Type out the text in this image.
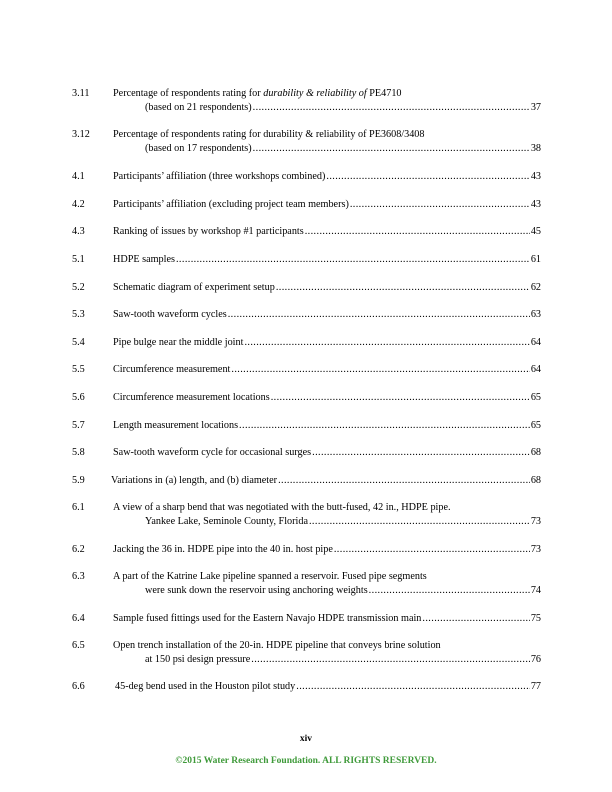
3.11 Percentage of respondents rating for durability & reliability of PE4710
(based on 21 respondents) .....	37
3.12 Percentage of respondents rating for durability & reliability of PE3608/3408
(based on 17 respondents) .....	38
4.1	Participants’ affiliation (three workshops combined) .....	43
4.2	Participants’ affiliation (excluding project team members) .....	43
4.3	Ranking of issues by workshop #1 participants .....	45
5.1	HDPE samples .....	61
5.2	Schematic diagram of experiment setup .....	62
5.3	Saw-tooth waveform cycles .....	63
5.4	Pipe bulge near the middle joint .....	64
5.5	Circumference measurement .....	64
5.6	Circumference measurement locations .....	65
5.7	Length measurement locations .....	65
5.8	Saw-tooth waveform cycle for occasional surges .....	68
5.9	Variations in (a) length, and (b) diameter .....	68
6.1	A view of a sharp bend that was negotiated with the butt-fused, 42 in., HDPE pipe.
Yankee Lake, Seminole County, Florida .....	73
6.2	Jacking the 36 in. HDPE pipe into the 40 in. host pipe .....	73
6.3	A part of the Katrine Lake pipeline spanned a reservoir. Fused pipe segments
were sunk down the reservoir using anchoring weights .....	74
6.4	Sample fused fittings used for the Eastern Navajo HDPE transmission main .....	75
6.5	Open trench installation of the 20-in. HDPE pipeline that conveys brine solution
at 150 psi design pressure .....	76
6.6	45-deg bend used in the Houston pilot study .....	77
xiv
©2015 Water Research Foundation. ALL RIGHTS RESERVED.
